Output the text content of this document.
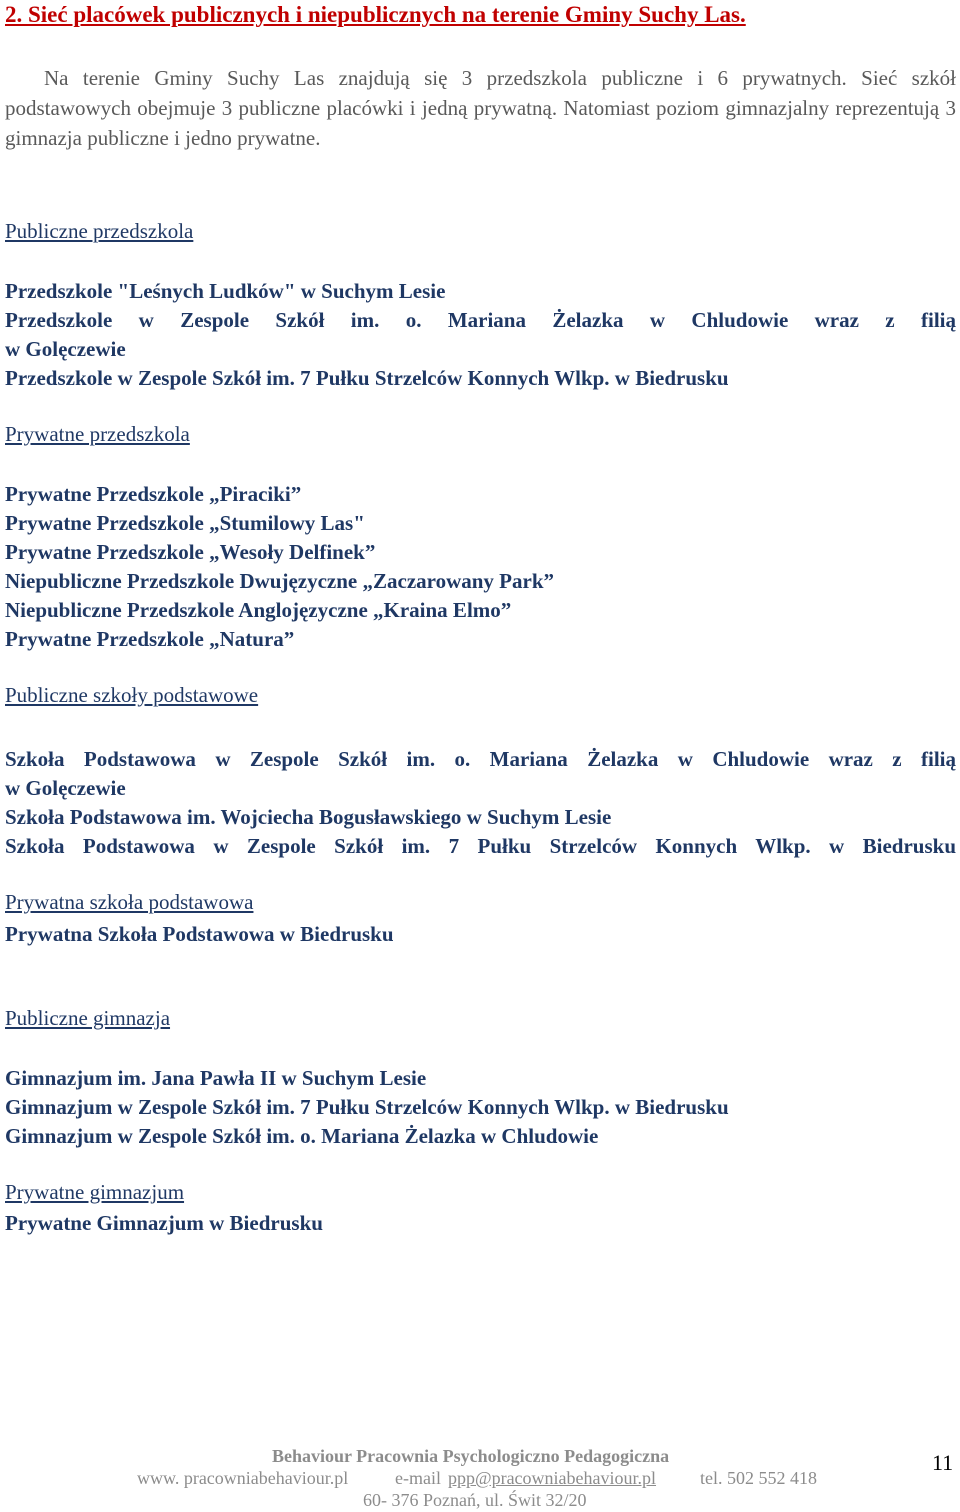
2. Sieć placówek publicznych i niepublicznych na terenie Gminy Suchy Las.
Na terenie Gminy Suchy Las znajdują się 3 przedszkola publiczne i 6 prywatnych. Sieć szkół podstawowych obejmuje 3 publiczne placówki i jedną prywatną. Natomiast poziom gimnazjalny reprezentują 3 gimnazja publiczne i jedno prywatne.
Publiczne przedszkola
Przedszkole "Leśnych Ludków" w Suchym Lesie
Przedszkole w Zespole Szkół im. o. Mariana Żelazka w Chludowie wraz z filią
w Golęczewie
Przedszkole w Zespole Szkół im. 7 Pułku Strzelców Konnych Wlkp. w Biedrusku
Prywatne przedszkola
Prywatne Przedszkole „Piraciki”
Prywatne Przedszkole „Stumilowy Las"
Prywatne Przedszkole „Wesoły Delfinek”
Niepubliczne Przedszkole Dwujęzyczne „Zaczarowany Park”
Niepubliczne Przedszkole Anglojęzyczne „Kraina Elmo”
Prywatne Przedszkole „Natura”
Publiczne szkoły podstawowe
Szkoła Podstawowa w Zespole Szkół im. o. Mariana Żelazka w Chludowie wraz z filią
w Golęczewie
Szkoła Podstawowa im. Wojciecha Bogusławskiego w Suchym Lesie
Szkoła Podstawowa w Zespole Szkół im. 7 Pułku Strzelców Konnych Wlkp. w Biedrusku
Prywatna szkoła podstawowa
Prywatna Szkoła Podstawowa w Biedrusku
Publiczne gimnazja
Gimnazjum im. Jana Pawła II w Suchym Lesie
Gimnazjum w Zespole Szkół im. 7 Pułku Strzelców Konnych Wlkp. w Biedrusku
Gimnazjum w Zespole Szkół im. o. Mariana Żelazka w Chludowie
Prywatne gimnazjum
Prywatne Gimnazjum w Biedrusku
Behaviour Pracownia Psychologiczno Pedagogiczna
www. pracowniabehaviour.pl	e-mail ppp@pracowniabehaviour.pl tel. 502 552 418
60- 376 Poznań, ul. Świt 32/20
11
